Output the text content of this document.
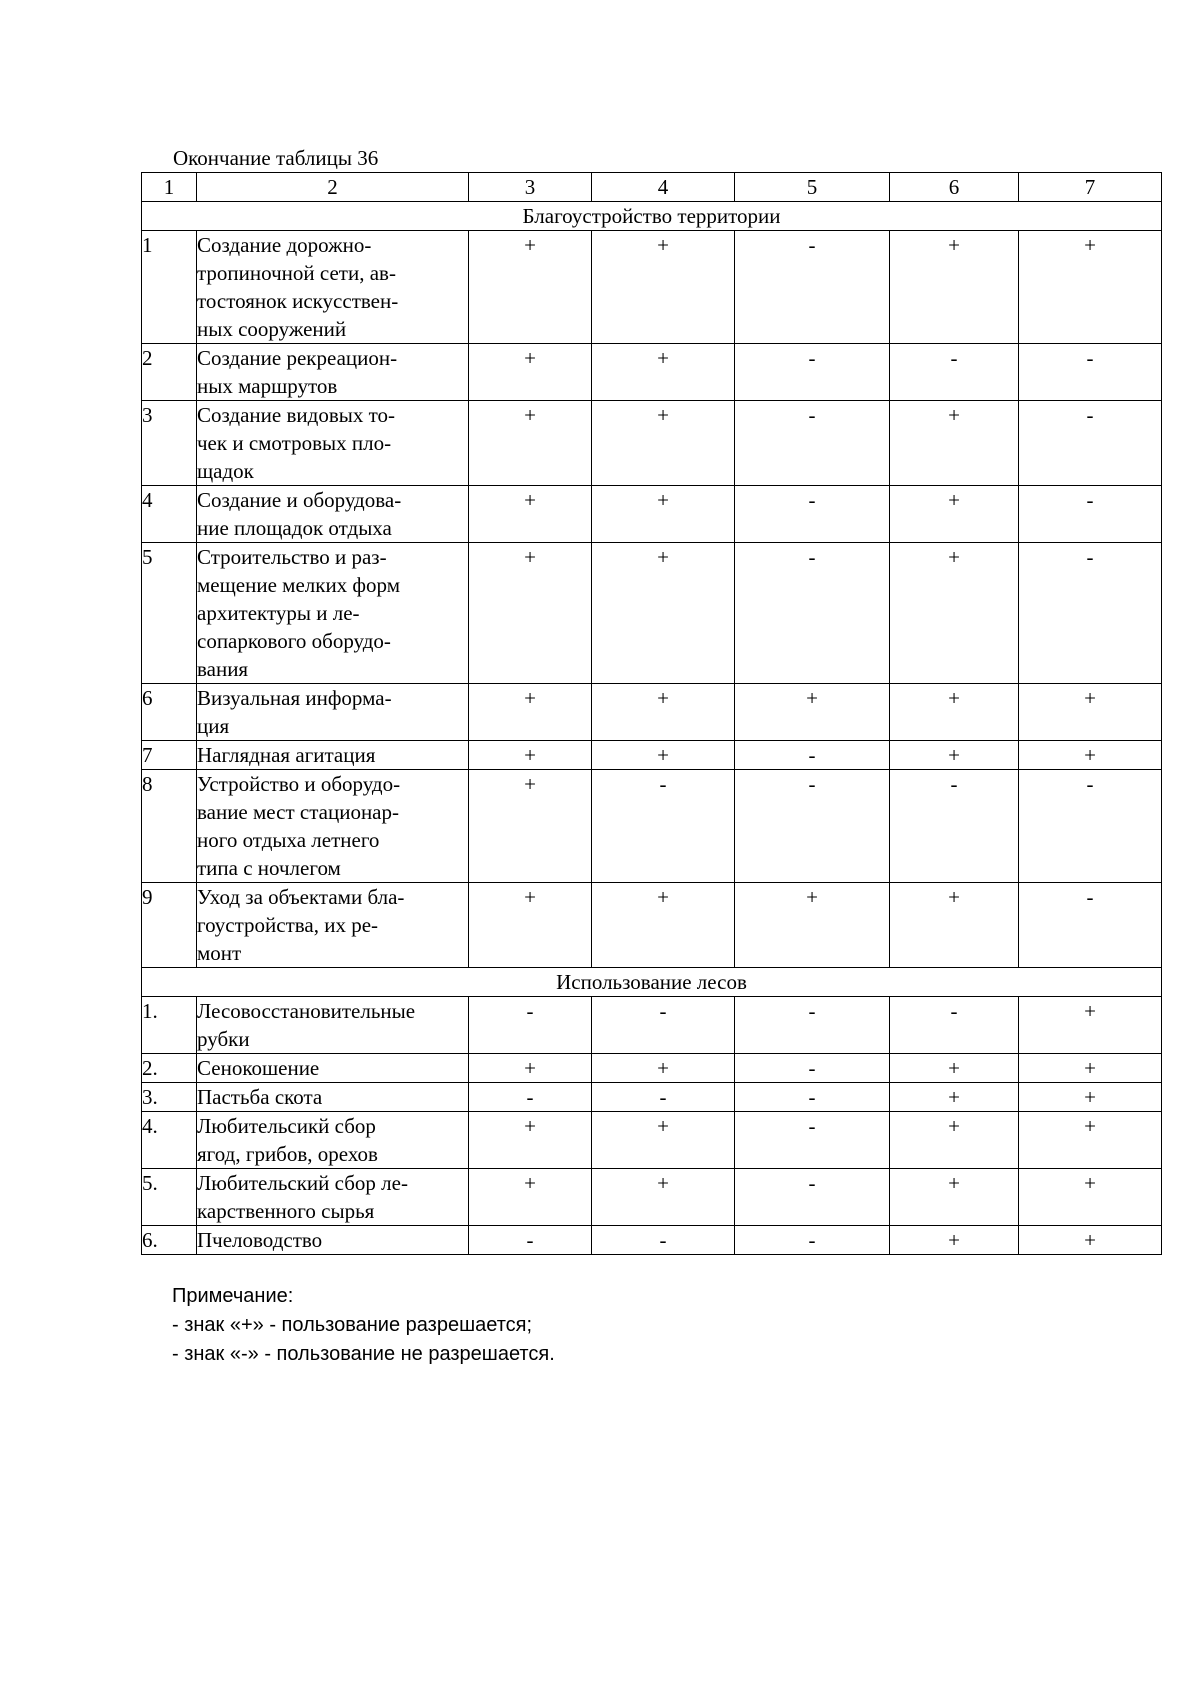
Окончание таблицы 36
1	2	3	4	5	6	7
Благоустройство территории						
1	Создание дорожно-
тропиночной сети, ав-
тостоянок искусствен-
ных сооружений	+	+	-	+	+
2	Создание рекреацион-
ных маршрутов	+	+	-	-	-
3	Создание видовых то-
чек и смотровых пло-
щадок	+	+	-	+	-
4	Создание и оборудова-
ние площадок отдыха	+	+	-	+	-
5	Строительство и раз-
мещение мелких форм
архитектуры и ле-
сопаркового оборудо-
вания	+	+	-	+	-
6	Визуальная информа-
ция	+	+	+	+	+
7	Наглядная агитация	+	+	-	+	+
8	Устройство и оборудо-
вание мест стационар-
ного отдыха летнего
типа с ночлегом	+	-	-	-	-
9	Уход за объектами бла-
гоустройства, их ре-
монт	+	+	+	+	-
Использование лесов						
1.	Лесовосстановительные
рубки	-	-	-	-	+
2.	Сенокошение	+	+	-	+	+
3.	Пастьба скота	-	-	-	+	+
4.	Любительсикй сбор
ягод, грибов, орехов	+	+	-	+	+
5.	Любительский сбор ле-
карственного сырья	+	+	-	+	+
6.	Пчеловодство	-	-	-	+	+
Примечание:
- знак «+» - пользование разрешается;
- знак «-» - пользование не разрешается.
